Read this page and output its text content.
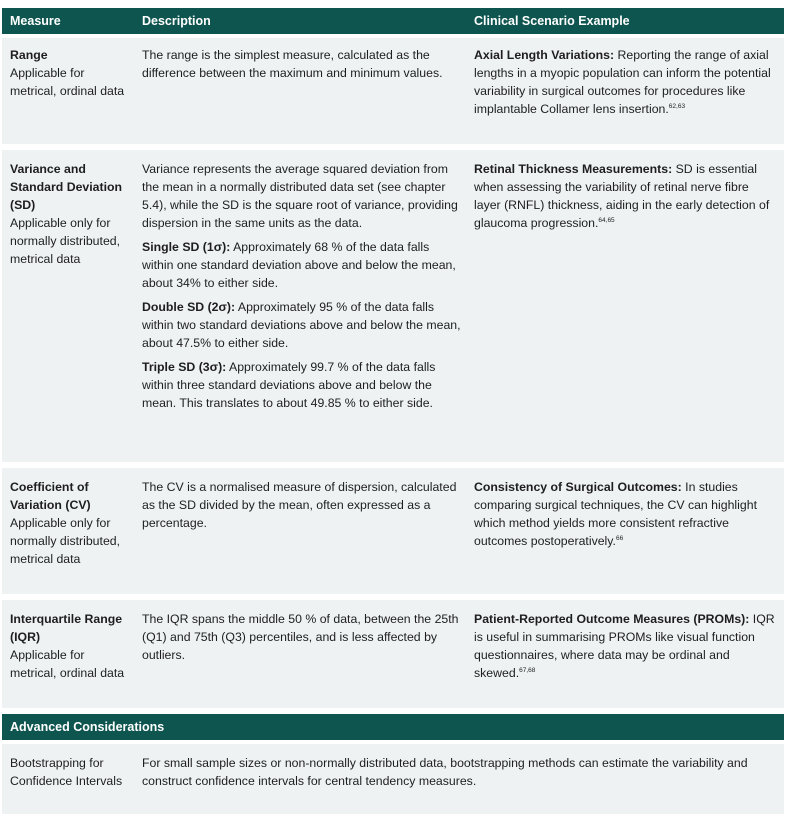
Measure	Description	Clinical Scenario Example
Range
Applicable for metrical, ordinal data
The range is the simplest measure, calculated as the difference between the maximum and minimum values.
Axial Length Variations: Reporting the range of axial lengths in a myopic population can inform the potential variability in surgical outcomes for procedures like implantable Collamer lens insertion.$^{62,63}$
Variance and Standard Deviation (SD)
Applicable only for normally distributed, metrical data

Variance represents the average squared deviation from the mean in a normally distributed data set (see chapter 5.4), while the SD is the square root of variance, providing dispersion in the same units as the data.

Single SD (1σ): Approximately 68 % of the data falls within one standard deviation above and below the mean, about 34% to either side.

Double SD (2σ): Approximately 95 % of the data falls within two standard deviations above and below the mean, about 47.5% to either side.

Triple SD (3σ): Approximately 99.7 % of the data falls within three standard deviations above and below the mean. This translates to about 49.85 % to either side.

Retinal Thickness Measurements: SD is essential when assessing the variability of retinal nerve fibre layer (RNFL) thickness, aiding in the early detection of glaucoma progression.$^{64,65}$
Coefficient of Variation (CV)
Applicable only for normally distributed, metrical data
The CV is a normalised measure of dispersion, calculated as the SD divided by the mean, often expressed as a percentage.
Consistency of Surgical Outcomes: In studies comparing surgical techniques, the CV can highlight which method yields more consistent refractive outcomes postoperatively.$^{66}$
Interquartile Range (IQR)
Applicable for metrical, ordinal data
The IQR spans the middle 50 % of data, between the 25th (Q1) and 75th (Q3) percentiles, and is less affected by outliers.
Patient-Reported Outcome Measures (PROMs): IQR is useful in summarising PROMs like visual function questionnaires, where data may be ordinal and skewed.$^{67,68}$
Advanced Considerations
Bootstrapping for Confidence Intervals
For small sample sizes or non-normally distributed data, bootstrapping methods can estimate the variability and construct confidence intervals for central tendency measures.
